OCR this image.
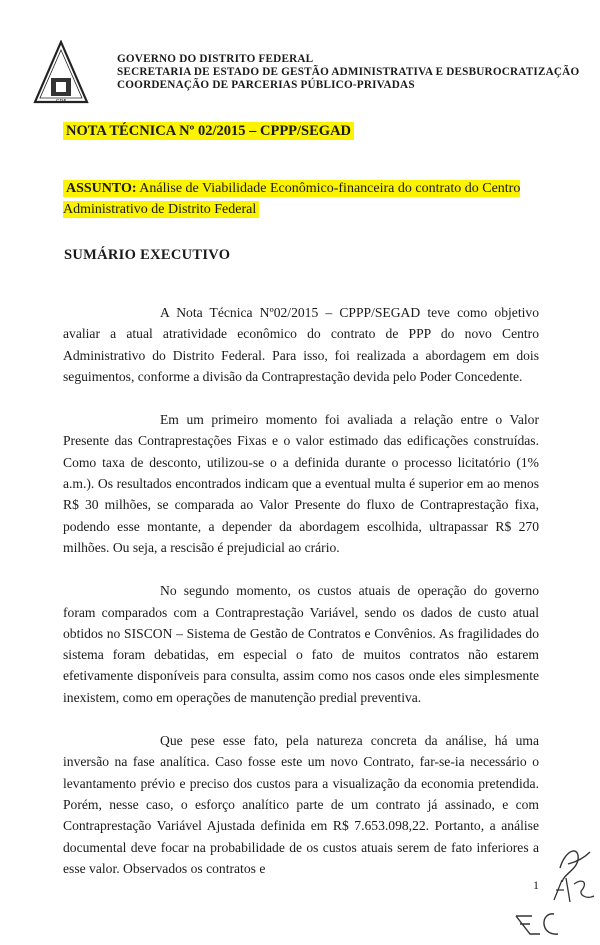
GDF
GOVERNO DO DISTRITO FEDERAL
SECRETARIA DE ESTADO DE GESTÃO ADMINISTRATIVA E DESBUROCRATIZAÇÃO
COORDENAÇÃO DE PARCERIAS PÚBLICO-PRIVADAS
NOTA TÉCNICA Nº 02/2015 – CPPP/SEGAD
ASSUNTO: Análise de Viabilidade Econômico-financeira do contrato do Centro Administrativo de Distrito Federal
SUMÁRIO EXECUTIVO

A Nota Técnica Nº02/2015 – CPPP/SEGAD teve como objetivo avaliar a atual atratividade econômico do contrato de PPP do novo Centro Administrativo do Distrito Federal. Para isso, foi realizada a abordagem em dois seguimentos, conforme a divisão da Contraprestação devida pelo Poder Concedente.

Em um primeiro momento foi avaliada a relação entre o Valor Presente das Contraprestações Fixas e o valor estimado das edificações construídas. Como taxa de desconto, utilizou-se o a definida durante o processo licitatório (1% a.m.). Os resultados encontrados indicam que a eventual multa é superior em ao menos R$ 30 milhões, se comparada ao Valor Presente do fluxo de Contraprestação fixa, podendo esse montante, a depender da abordagem escolhida, ultrapassar R$ 270 milhões. Ou seja, a rescisão é prejudicial ao crário.

No segundo momento, os custos atuais de operação do governo foram comparados com a Contraprestação Variável, sendo os dados de custo atual obtidos no SISCON – Sistema de Gestão de Contratos e Convênios. As fragilidades do sistema foram debatidas, em especial o fato de muitos contratos não estarem efetivamente disponíveis para consulta, assim como nos casos onde eles simplesmente inexistem, como em operações de manutenção predial preventiva.

Que pese esse fato, pela natureza concreta da análise, há uma inversão na fase analítica. Caso fosse este um novo Contrato, far-se-ia necessário o levantamento prévio e preciso dos custos para a visualização da economia pretendida. Porém, nesse caso, o esforço analítico parte de um contrato já assinado, e com Contraprestação Variável Ajustada definida em R$ 7.653.098,22. Portanto, a análise documental deve focar na probabilidade de os custos atuais serem de fato inferiores a esse valor. Observados os contratos e

1
